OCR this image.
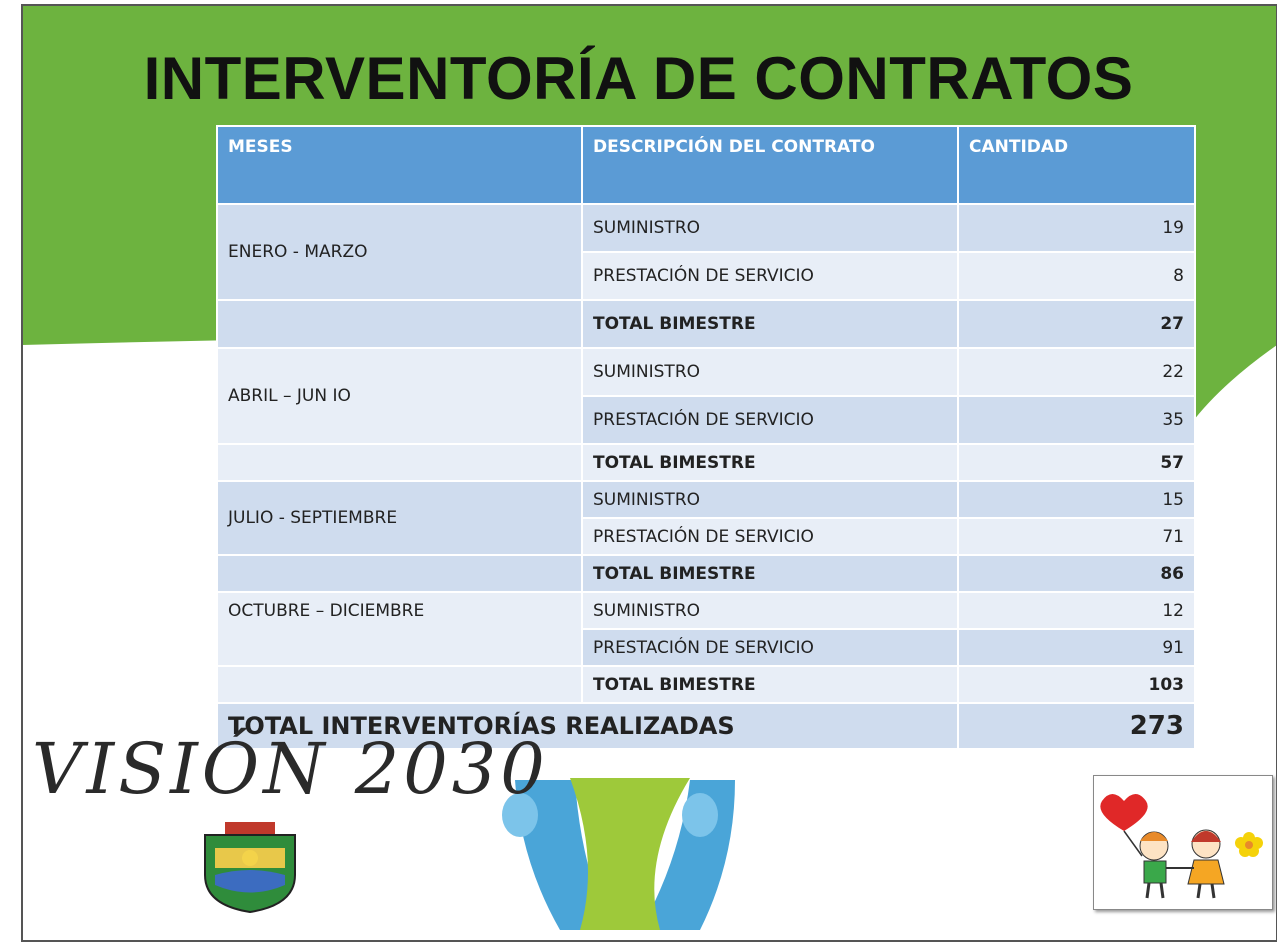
INTERVENTORÍA DE CONTRATOS
MESES	DESCRIPCIÓN DEL CONTRATO	CANTIDAD
ENERO - MARZO	SUMINISTRO	19
	PRESTACIÓN DE SERVICIO	8
	TOTAL BIMESTRE	27
ABRIL – JUN IO	SUMINISTRO	22
	PRESTACIÓN DE SERVICIO	35
	TOTAL BIMESTRE	57
JULIO - SEPTIEMBRE	SUMINISTRO	15
	PRESTACIÓN DE SERVICIO	71
	TOTAL BIMESTRE	86
OCTUBRE – DICIEMBRE	SUMINISTRO	12
	PRESTACIÓN DE SERVICIO	91
	TOTAL BIMESTRE	103
TOTAL INTERVENTORÍAS REALIZADAS		273
VISIÓN 2030
